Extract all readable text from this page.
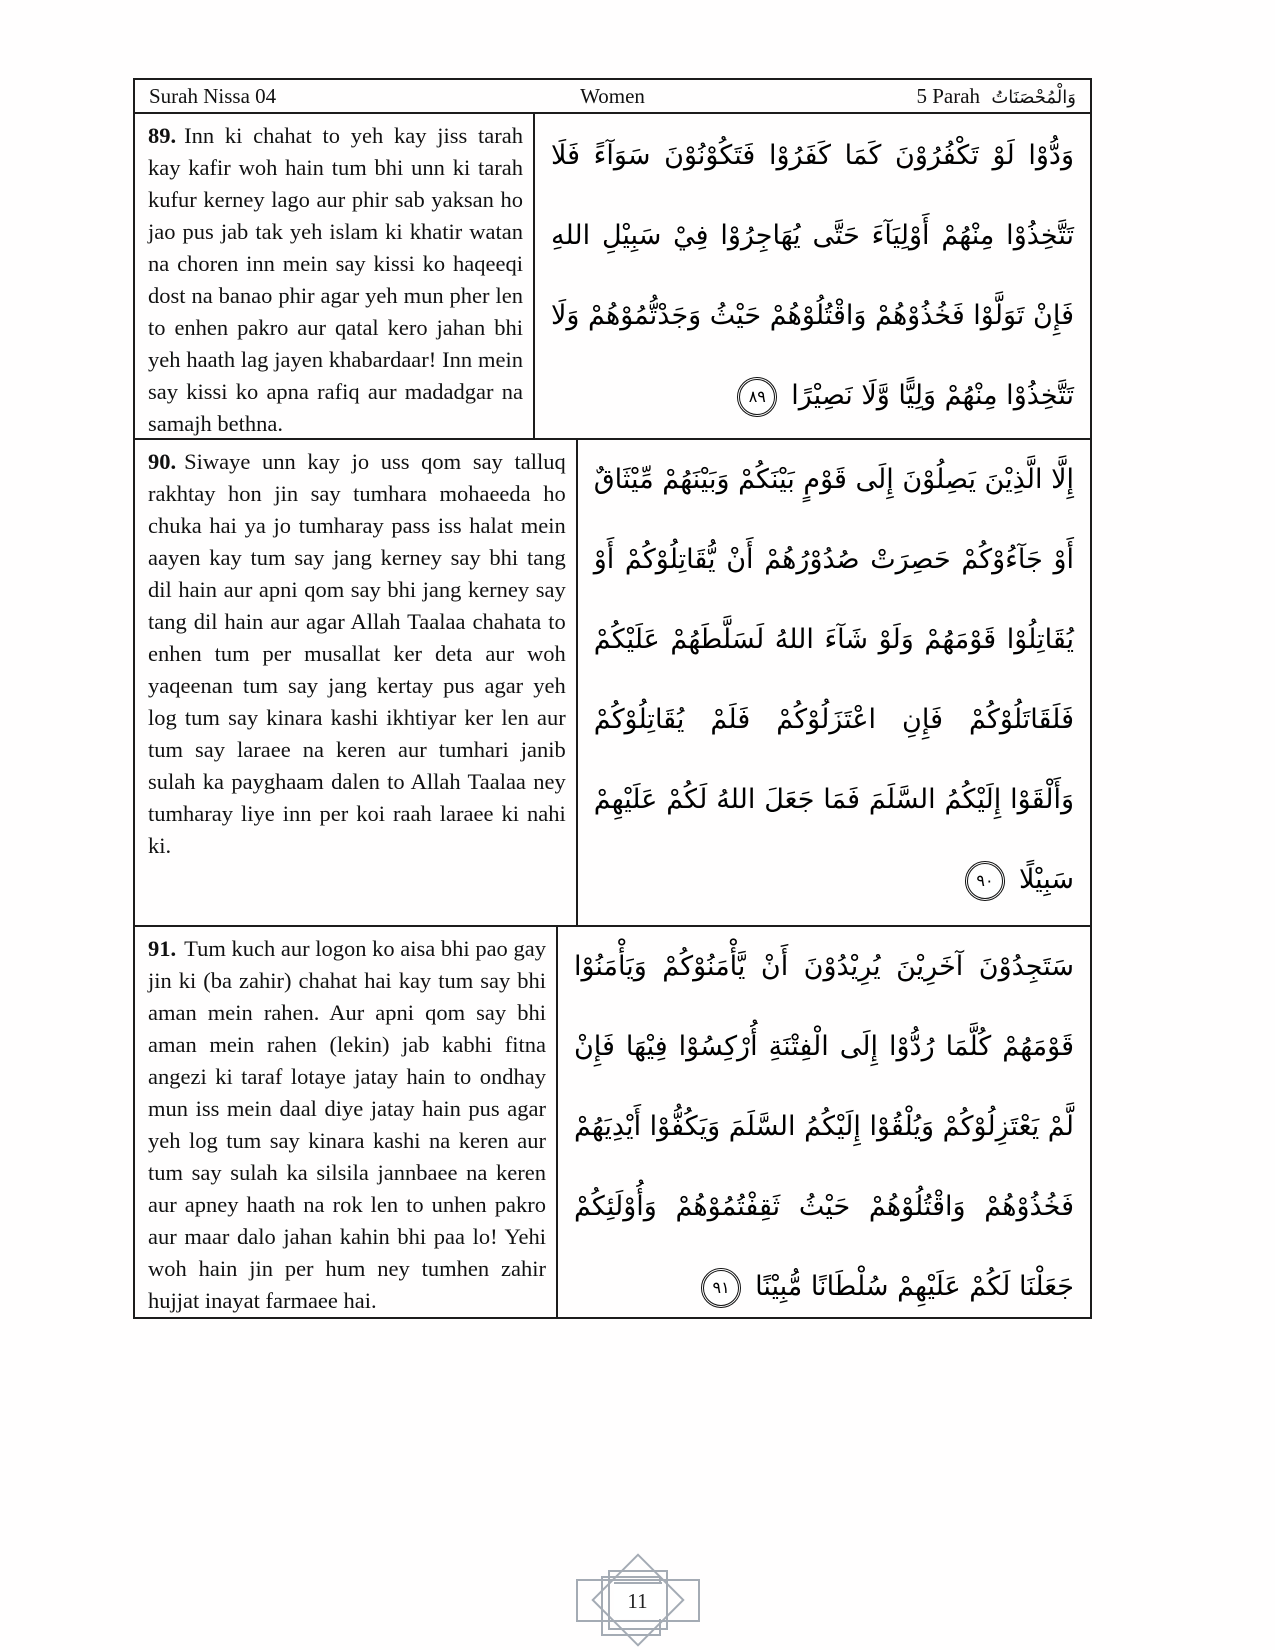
Surah Nissa 04	Women	5 Parah وَالْمُحْصَنَاتُ
89. Inn ki chahat to yeh kay jiss tarah kay kafir woh hain tum bhi unn ki tarah kufur kerney lago aur phir sab yaksan ho jao pus jab tak yeh islam ki khatir watan na choren inn mein say kissi ko haqeeqi dost na banao phir agar yeh mun pher len to enhen pakro aur qatal kero jahan bhi yeh haath lag jayen khabardaar! Inn mein say kissi ko apna rafiq aur madadgar na samajh bethna.
وَدُّوْا لَوْ تَكْفُرُوْنَ كَمَا كَفَرُوْا فَتَكُوْنُوْنَ سَوَآءً فَلَا
تَتَّخِذُوْا مِنْهُمْ أَوْلِيَآءَ حَتَّى يُهَاجِرُوْا فِيْ سَبِيْلِ اللهِ
فَإِنْ تَوَلَّوْا فَخُذُوْهُمْ وَاقْتُلُوْهُمْ حَيْثُ وَجَدْتُّمُوْهُمْ وَلَا
تَتَّخِذُوْا مِنْهُمْ وَلِيًّا وَّلَا نَصِيْرًا٨٩
90. Siwaye unn kay jo uss qom say talluq rakhtay hon jin say tumhara mohaeeda ho chuka hai ya jo tumharay pass iss halat mein aayen kay tum say jang kerney say bhi tang dil hain aur apni qom say bhi jang kerney say tang dil hain aur agar Allah Taalaa chahata to enhen tum per musallat ker deta aur woh yaqeenan tum say jang kertay pus agar yeh log tum say kinara kashi ikhtiyar ker len aur tum say laraee na keren aur tumhari janib sulah ka payghaam dalen to Allah Taalaa ney tumharay liye inn per koi raah laraee ki nahi ki.
إِلَّا الَّذِيْنَ يَصِلُوْنَ إِلَى قَوْمٍ بَيْنَكُمْ وَبَيْنَهُمْ مِّيْثَاقٌ
أَوْ جَآءُوْكُمْ حَصِرَتْ صُدُوْرُهُمْ أَنْ يُّقَاتِلُوْكُمْ أَوْ
يُقَاتِلُوْا قَوْمَهُمْ وَلَوْ شَآءَ اللهُ لَسَلَّطَهُمْ عَلَيْكُمْ
فَلَقَاتَلُوْكُمْ فَإِنِ اعْتَزَلُوْكُمْ فَلَمْ يُقَاتِلُوْكُمْ
وَأَلْقَوْا إِلَيْكُمُ السَّلَمَ فَمَا جَعَلَ اللهُ لَكُمْ عَلَيْهِمْ
سَبِيْلًا٩٠
91. Tum kuch aur logon ko aisa bhi pao gay jin ki (ba zahir) chahat hai kay tum say bhi aman mein rahen. Aur apni qom say bhi aman mein rahen (lekin) jab kabhi fitna angezi ki taraf lotaye jatay hain to ondhay mun iss mein daal diye jatay hain pus agar yeh log tum say kinara kashi na keren aur tum say sulah ka silsila jannbaee na keren aur apney haath na rok len to unhen pakro aur maar dalo jahan kahin bhi paa lo! Yehi woh hain jin per hum ney tumhen zahir hujjat inayat farmaee hai.
سَتَجِدُوْنَ آخَرِيْنَ يُرِيْدُوْنَ أَنْ يَّأْمَنُوْكُمْ وَيَأْمَنُوْا
قَوْمَهُمْ كُلَّمَا رُدُّوْا إِلَى الْفِتْنَةِ أُرْكِسُوْا فِيْهَا فَإِنْ
لَّمْ يَعْتَزِلُوْكُمْ وَيُلْقُوْا إِلَيْكُمُ السَّلَمَ وَيَكُفُّوْا أَيْدِيَهُمْ
فَخُذُوْهُمْ وَاقْتُلُوْهُمْ حَيْثُ ثَقِفْتُمُوْهُمْ وَأُوْلَئِكُمْ
جَعَلْنَا لَكُمْ عَلَيْهِمْ سُلْطَانًا مُّبِيْنًا٩١
11
